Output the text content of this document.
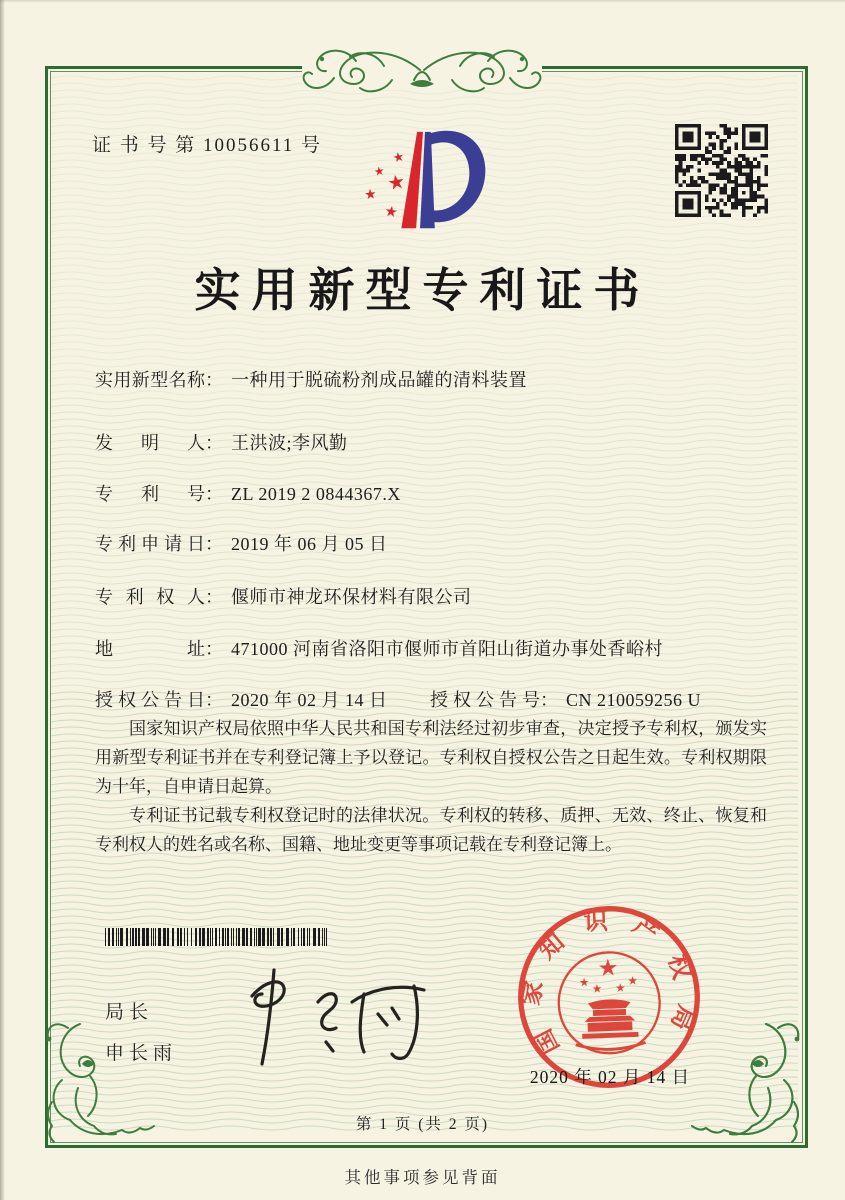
证 书 号 第 10056611 号
★
★ ★
★
★
实用新型专利证书
实用新型名称： 一种用于脱硫粉剂成品罐的清料装置
发明人： 王洪波;李风勤
专利号： ZL 2019 2 0844367.X
专利申请日： 2019 年 06 月 05 日
专利权人： 偃师市神龙环保材料有限公司
地址： 471000 河南省洛阳市偃师市首阳山街道办事处香峪村
授权公告日： 2020 年 02 月 14 日 授权公告号： CN 210059256 U

国家知识产权局依照中华人民共和国专利法经过初步审查，决定授予专利权，颁发实用新型专利证书并在专利登记簿上予以登记。专利权自授权公告之日起生效。专利权期限为十年，自申请日起算。

专利证书记载专利权登记时的法律状况。专利权的转移、质押、无效、终止、恢复和专利权人的姓名或名称、国籍、地址变更等事项记载在专利登记簿上。

局长
申长雨	国家知识产权局
★
★ ★ ★
★
2020 年 02 月 14 日
第 1 页 (共 2 页)
其他事项参见背面
